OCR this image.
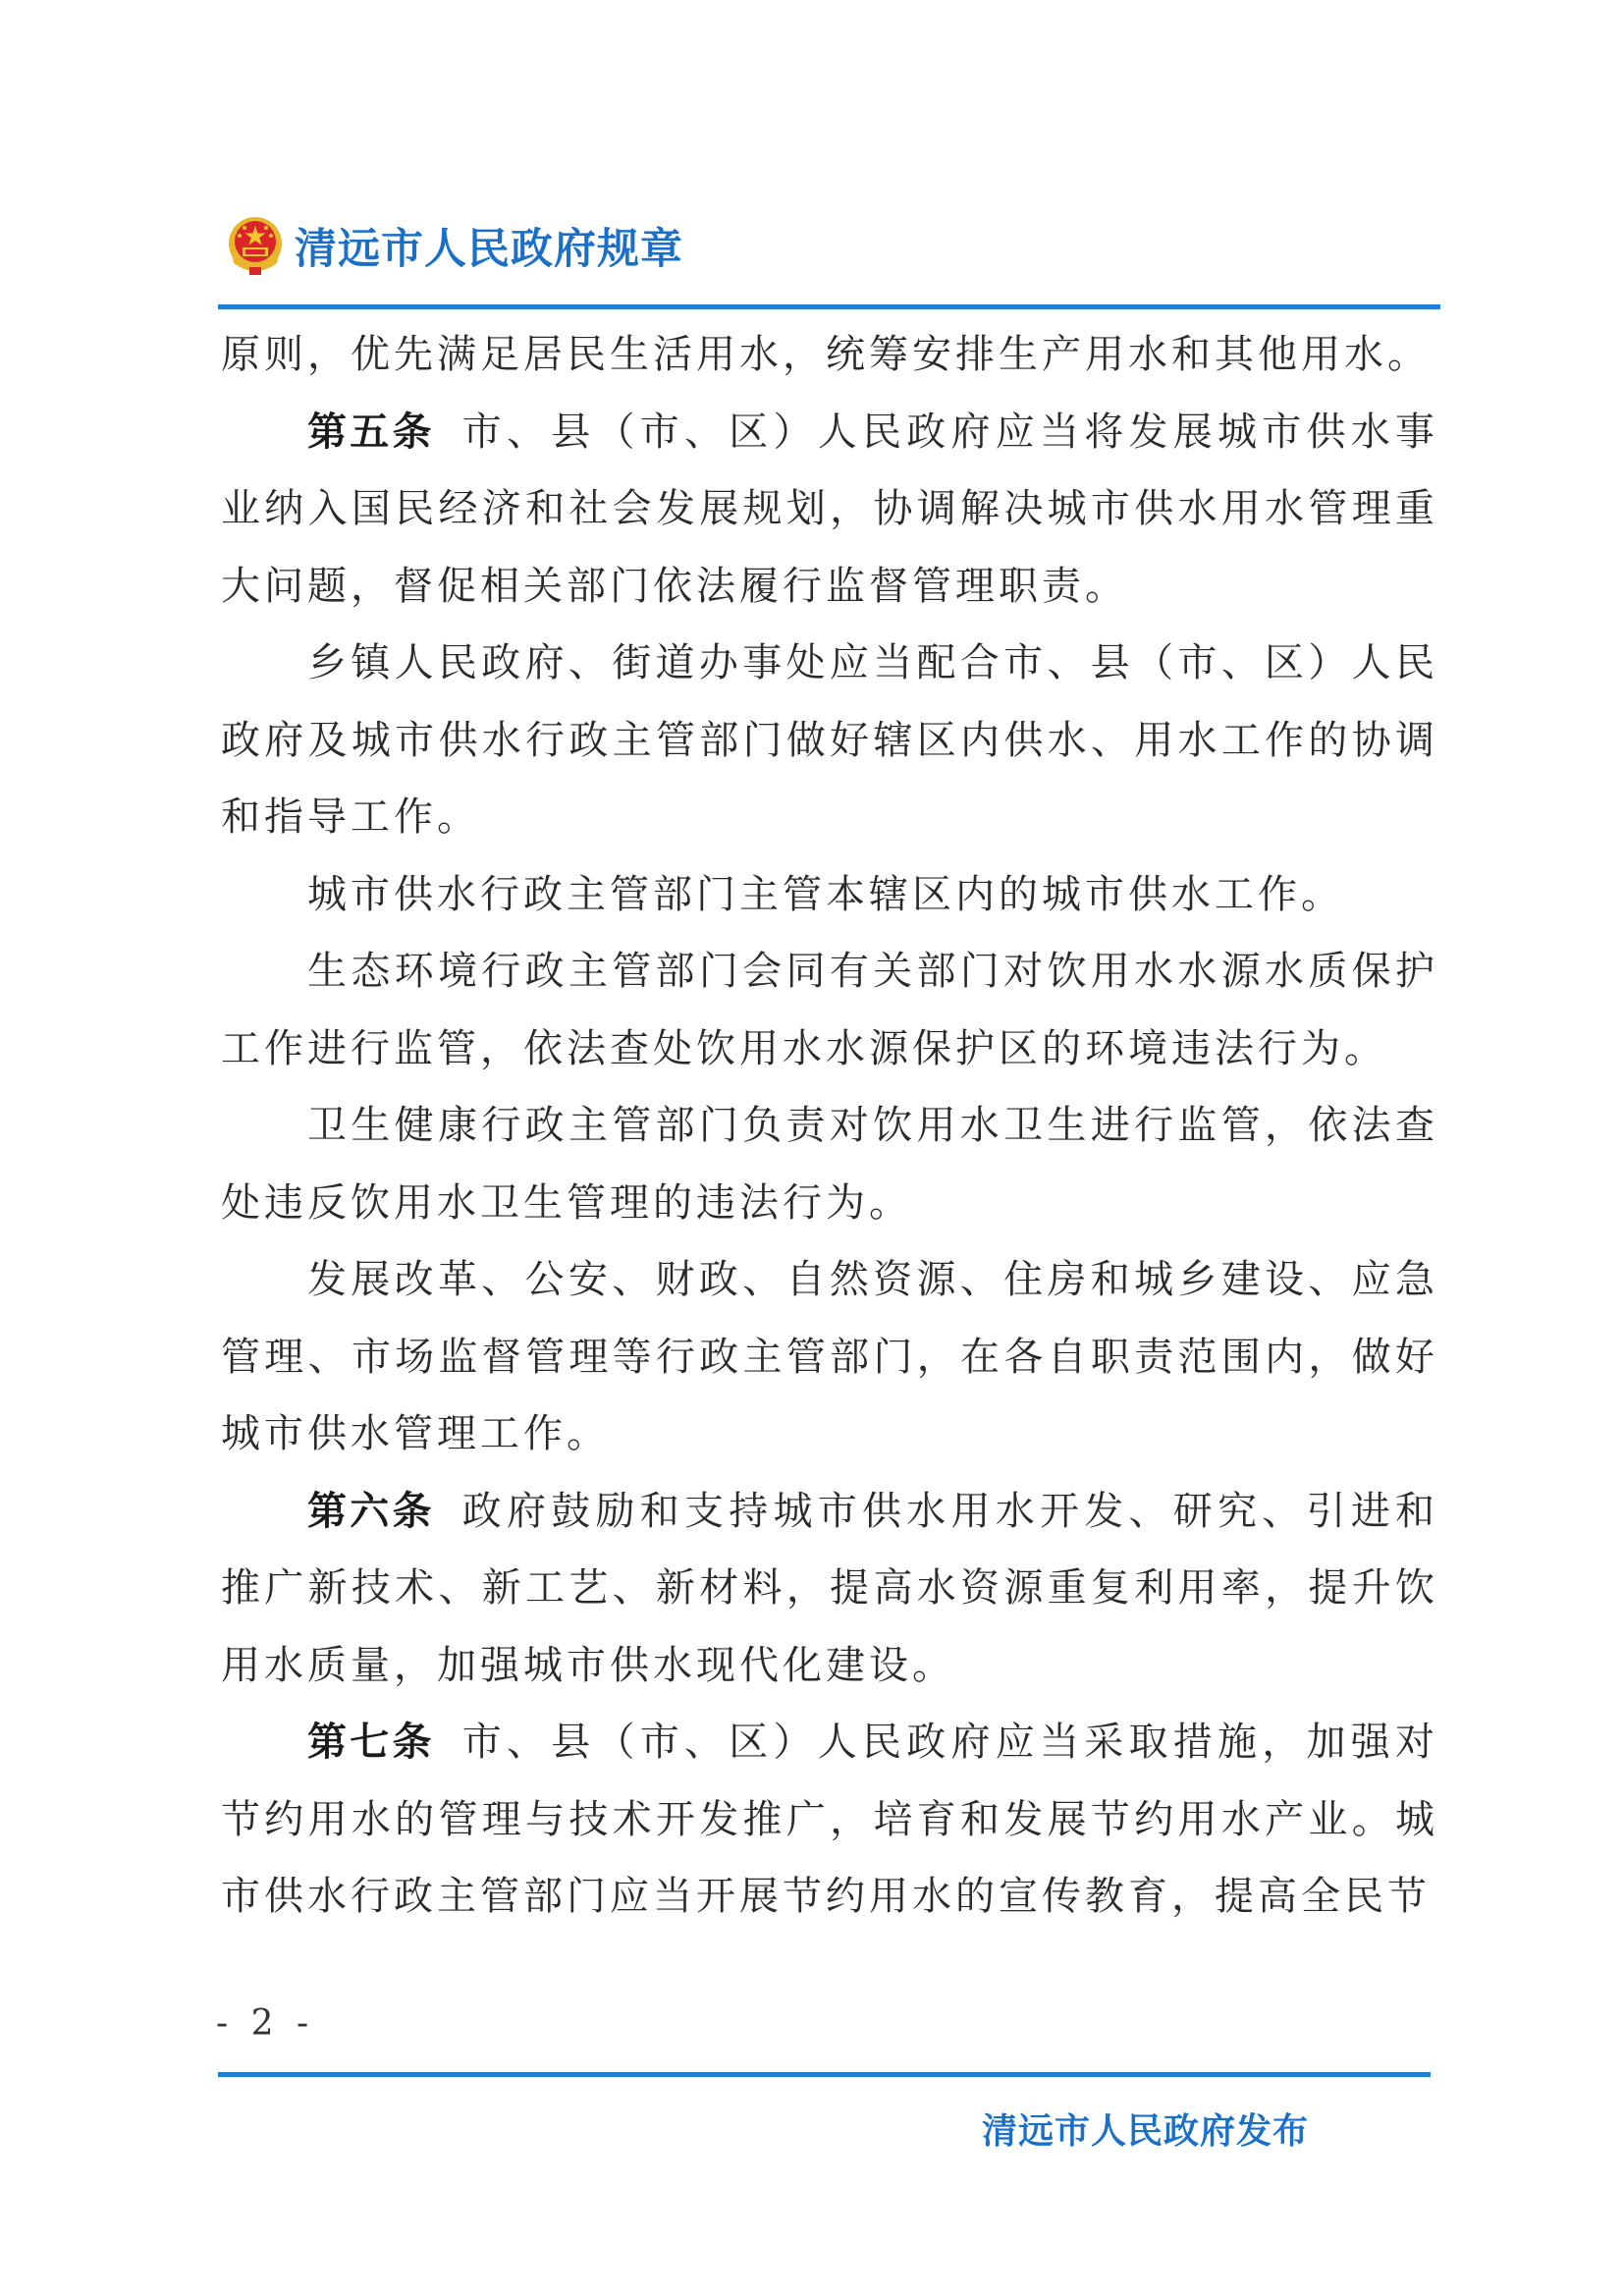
清远市人民政府规章

原则，优先满足居民生活用水，统筹安排生产用水和其他用水。

第五条 市、县（市、区）人民政府应当将发展城市供水事业纳入国民经济和社会发展规划，协调解决城市供水用水管理重大问题，督促相关部门依法履行监督管理职责。

乡镇人民政府、街道办事处应当配合市、县（市、区）人民政府及城市供水行政主管部门做好辖区内供水、用水工作的协调和指导工作。

城市供水行政主管部门主管本辖区内的城市供水工作。

生态环境行政主管部门会同有关部门对饮用水水源水质保护工作进行监管，依法查处饮用水水源保护区的环境违法行为。

卫生健康行政主管部门负责对饮用水卫生进行监管，依法查处违反饮用水卫生管理的违法行为。

发展改革、公安、财政、自然资源、住房和城乡建设、应急管理、市场监督管理等行政主管部门，在各自职责范围内，做好城市供水管理工作。

第六条 政府鼓励和支持城市供水用水开发、研究、引进和推广新技术、新工艺、新材料，提高水资源重复利用率，提升饮用水质量，加强城市供水现代化建设。

第七条 市、县（市、区）人民政府应当采取措施，加强对节约用水的管理与技术开发推广，培育和发展节约用水产业。城市供水行政主管部门应当开展节约用水的宣传教育，提高全民节

- 2 -
清远市人民政府发布
